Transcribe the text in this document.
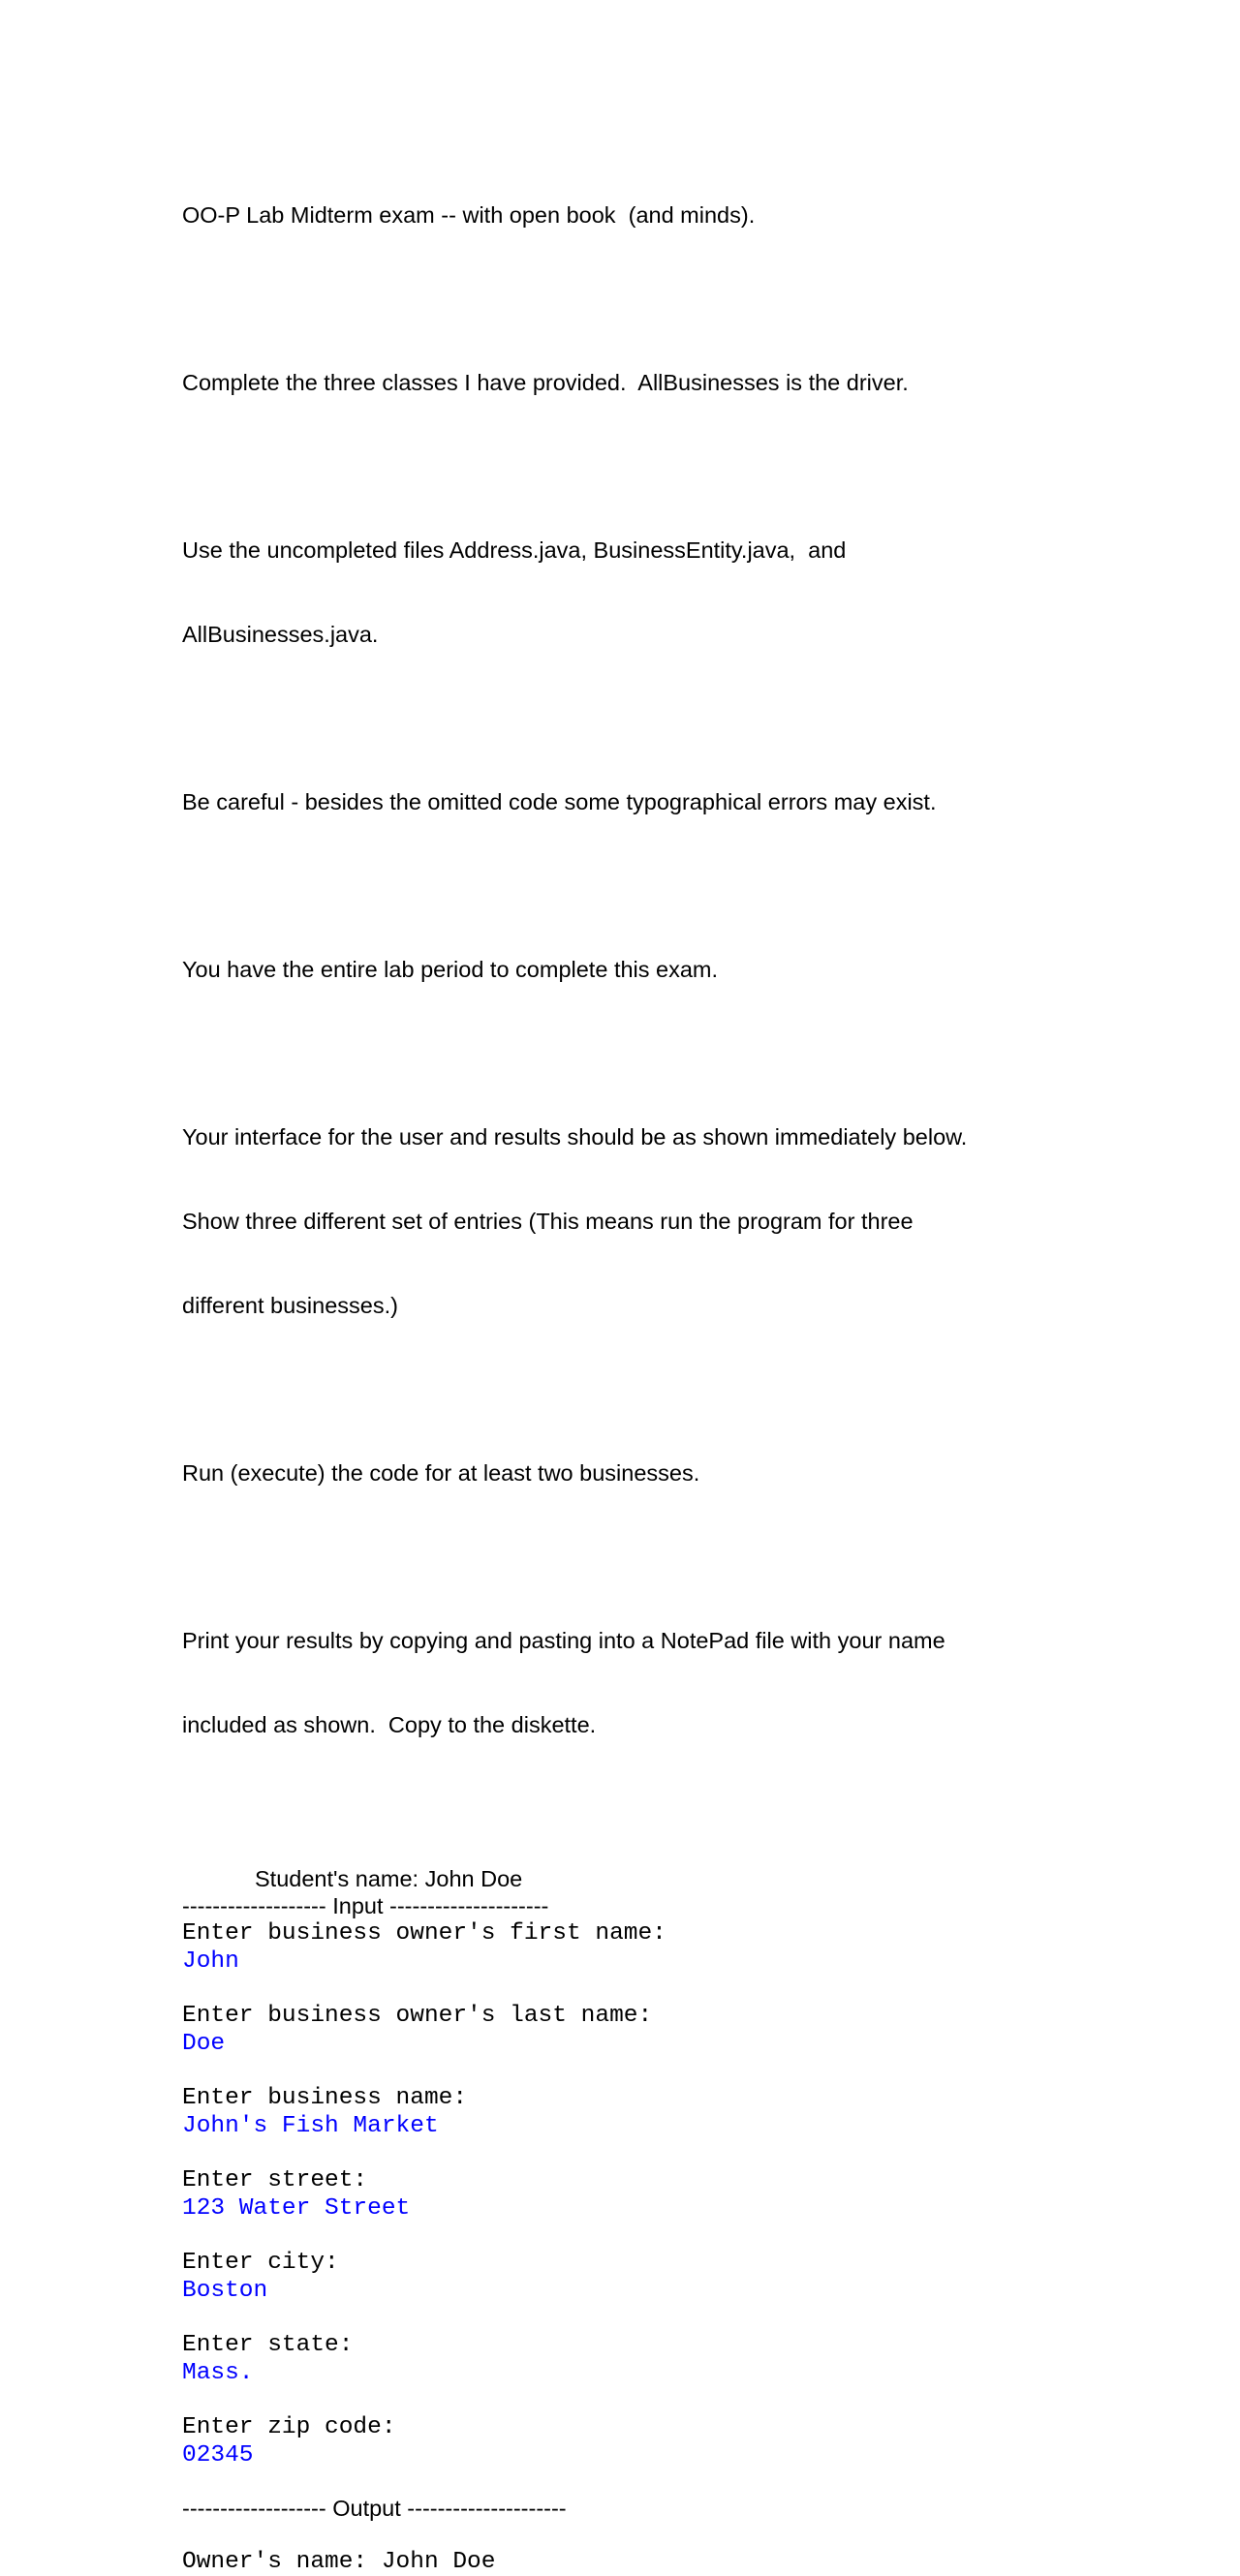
OO-P Lab Midterm exam -- with open book  (and minds).

Complete the three classes I have provided.  AllBusinesses is the driver.

Use the uncompleted files Address.java, BusinessEntity.java,  and

AllBusinesses.java.

Be careful - besides the omitted code some typographical errors may exist.

You have the entire lab period to complete this exam.

Your interface for the user and results should be as shown immediately below.

Show three different set of entries (This means run the program for three

different businesses.)

Run (execute) the code for at least two businesses.

Print your results by copying and pasting into a NotePad file with your name

included as shown.  Copy to the diskette.

Student's name: John Doe
------------------- Input ---------------------
Enter business owner's first name:
John
Enter business owner's last name:
Doe
Enter business name:
John's Fish Market
Enter street:
123 Water Street
Enter city:
Boston
Enter state:
Mass.
Enter zip code:
02345
------------------- Output ---------------------
Owner's name: John Doe
